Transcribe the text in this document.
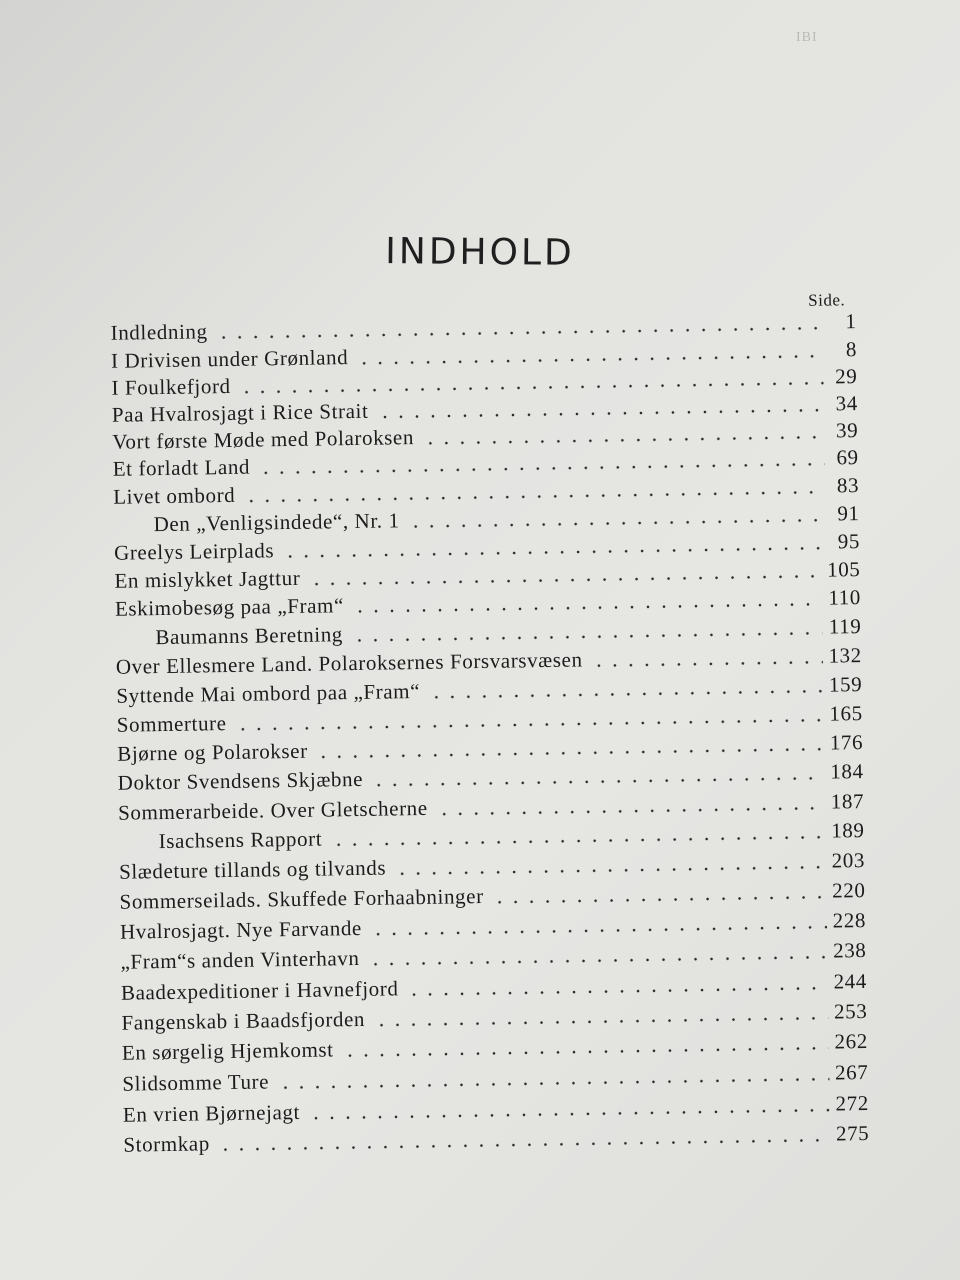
IBI
INDHOLD
Side.
Indledning	1
I Drivisen under Grønland	8
I Foulkefjord	29
Paa Hvalrosjagt i Rice Strait	34
Vort første Møde med Polaroksen	39
Et forladt Land	69
Livet ombord	83
Den „Venligsindede“, Nr. 1	91
Greelys Leirplads	95
En mislykket Jagttur	105
Eskimobesøg paa „Fram“	110
Baumanns Beretning	119
Over Ellesmere Land. Polaroksernes Forsvarsvæsen	132
Syttende Mai ombord paa „Fram“	159
Sommerture	165
Bjørne og Polarokser	176
Doktor Svendsens Skjæbne	184
Sommerarbeide. Over Gletscherne	187
Isachsens Rapport	189
Slædeture tillands og tilvands	203
Sommerseilads. Skuffede Forhaabninger	220
Hvalrosjagt. Nye Farvande	228
„Fram“s anden Vinterhavn	238
Baadexpeditioner i Havnefjord	244
Fangenskab i Baadsfjorden	253
En sørgelig Hjemkomst	262
Slidsomme Ture	267
En vrien Bjørnejagt	272
Stormkap	275
